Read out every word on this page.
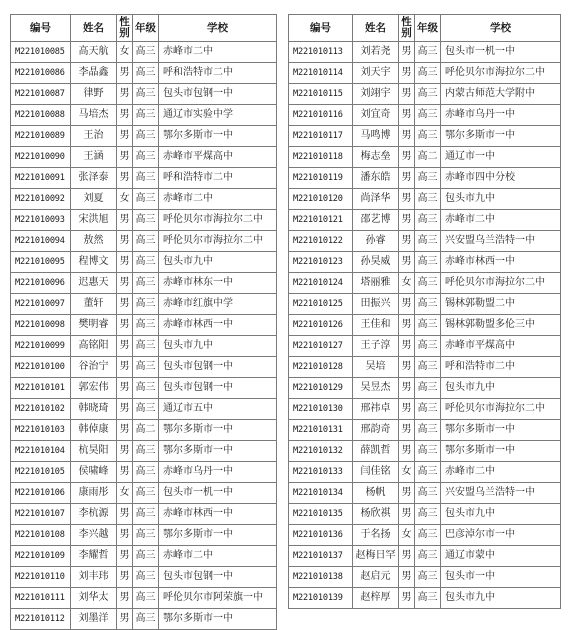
编号	姓名	性别	年级	学校
M221010085	高天航	女	高三	赤峰市二中
M221010086	李晶鑫	男	高三	呼和浩特市二中
M221010087	律野	男	高三	包头市包钢一中
M221010088	马培杰	男	高三	通辽市实验中学
M221010089	王治	男	高三	鄂尔多斯市一中
M221010090	王涵	男	高三	赤峰市平煤高中
M221010091	张泽泰	男	高三	呼和浩特市二中
M221010092	刘夏	女	高三	赤峰市二中
M221010093	宋洪旭	男	高三	呼伦贝尔市海拉尔二中
M221010094	敖然	男	高三	呼伦贝尔市海拉尔二中
M221010095	程博文	男	高三	包头市九中
M221010096	迟惠天	男	高三	赤峰市林东一中
M221010097	董轩	男	高三	赤峰市红旗中学
M221010098	樊明睿	男	高三	赤峰市林西一中
M221010099	高铭阳	男	高三	包头市九中
M221010100	谷治宁	男	高三	包头市包钢一中
M221010101	郭宏伟	男	高三	包头市包钢一中
M221010102	韩晓琦	男	高三	通辽市五中
M221010103	韩倬康	男	高二	鄂尔多斯市一中
M221010104	杭昊阳	男	高三	鄂尔多斯市一中
M221010105	侯啸峰	男	高三	赤峰市乌丹一中
M221010106	康雨彤	女	高三	包头市一机一中
M221010107	李杭源	男	高三	赤峰市林西一中
M221010108	李兴越	男	高三	鄂尔多斯市一中
M221010109	李耀哲	男	高三	赤峰市二中
M221010110	刘丰玮	男	高三	包头市包钢一中
M221010111	刘华太	男	高三	呼伦贝尔市阿荣旗一中
M221010112	刘墨洋	男	高三	鄂尔多斯市一中
编号	姓名	性别	年级	学校
M221010113	刘若尧	男	高三	包头市一机一中
M221010114	刘天宇	男	高三	呼伦贝尔市海拉尔二中
M221010115	刘翊宇	男	高三	内蒙古师范大学附中
M221010116	刘宜奇	男	高三	赤峰市乌丹一中
M221010117	马鸣博	男	高三	鄂尔多斯市一中
M221010118	梅志垒	男	高二	通辽市一中
M221010119	潘东皓	男	高三	赤峰市四中分校
M221010120	尚泽华	男	高三	包头市九中
M221010121	邵艺博	男	高三	赤峰市二中
M221010122	孙睿	男	高三	兴安盟乌兰浩特一中
M221010123	孙昊威	男	高三	赤峰市林西一中
M221010124	塔丽雅	女	高三	呼伦贝尔市海拉尔二中
M221010125	田振兴	男	高三	锡林郭勒盟二中
M221010126	王佳和	男	高三	锡林郭勒盟多伦三中
M221010127	王子淳	男	高三	赤峰市平煤高中
M221010128	吴培	男	高三	呼和浩特市二中
M221010129	吴昱杰	男	高三	包头市九中
M221010130	邢祎卓	男	高三	呼伦贝尔市海拉尔二中
M221010131	邢韵奇	男	高三	鄂尔多斯市一中
M221010132	薛凯哲	男	高三	鄂尔多斯市一中
M221010133	闫佳铭	女	高三	赤峰市二中
M221010134	杨帆	男	高三	兴安盟乌兰浩特一中
M221010135	杨欣祺	男	高三	包头市九中
M221010136	于名扬	女	高三	巴彦淖尔市一中
M221010137	赵梅日罕	男	高三	通辽市蒙中
M221010138	赵启元	男	高三	包头市一中
M221010139	赵梓厚	男	高三	包头市九中
